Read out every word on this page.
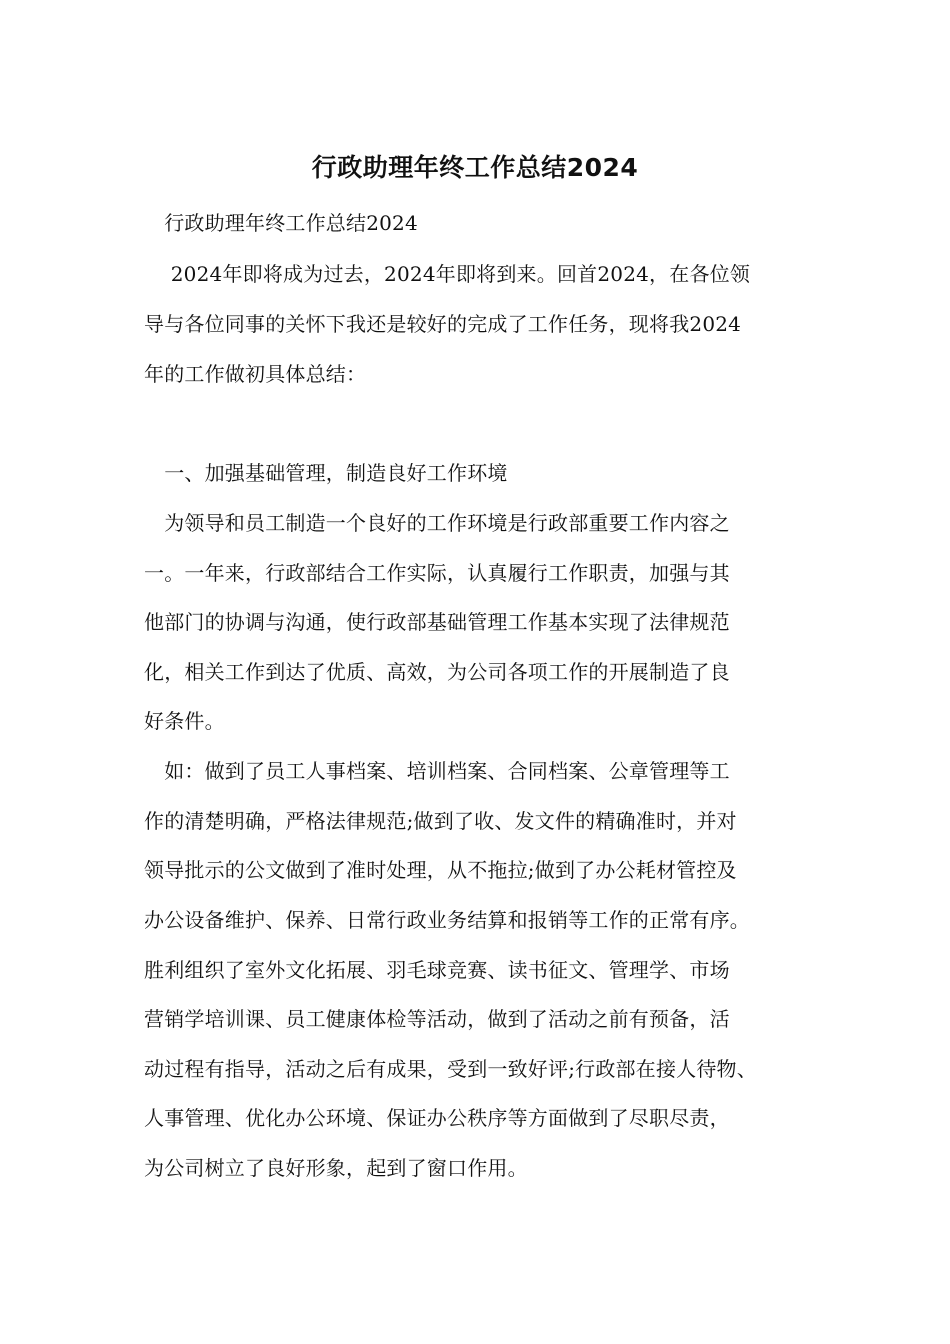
行政助理年终工作总结2024
　行政助理年终工作总结2024
　 2024年即将成为过去，2024年即将到来。回首2024，在各位领
导与各位同事的关怀下我还是较好的完成了工作任务，现将我2024
年的工作做初具体总结：
　一、加强基础管理，制造良好工作环境
　为领导和员工制造一个良好的工作环境是行政部重要工作内容之
一。一年来，行政部结合工作实际，认真履行工作职责，加强与其
他部门的协调与沟通，使行政部基础管理工作基本实现了法律规范
化，相关工作到达了优质、高效，为公司各项工作的开展制造了良
好条件。
　如：做到了员工人事档案、培训档案、合同档案、公章管理等工
作的清楚明确，严格法律规范;做到了收、发文件的精确准时，并对
领导批示的公文做到了准时处理，从不拖拉;做到了办公耗材管控及
办公设备维护、保养、日常行政业务结算和报销等工作的正常有序。
胜利组织了室外文化拓展、羽毛球竞赛、读书征文、管理学、市场
营销学培训课、员工健康体检等活动，做到了活动之前有预备，活
动过程有指导，活动之后有成果，受到一致好评;行政部在接人待物、
人事管理、优化办公环境、保证办公秩序等方面做到了尽职尽责，
为公司树立了良好形象，起到了窗口作用。
